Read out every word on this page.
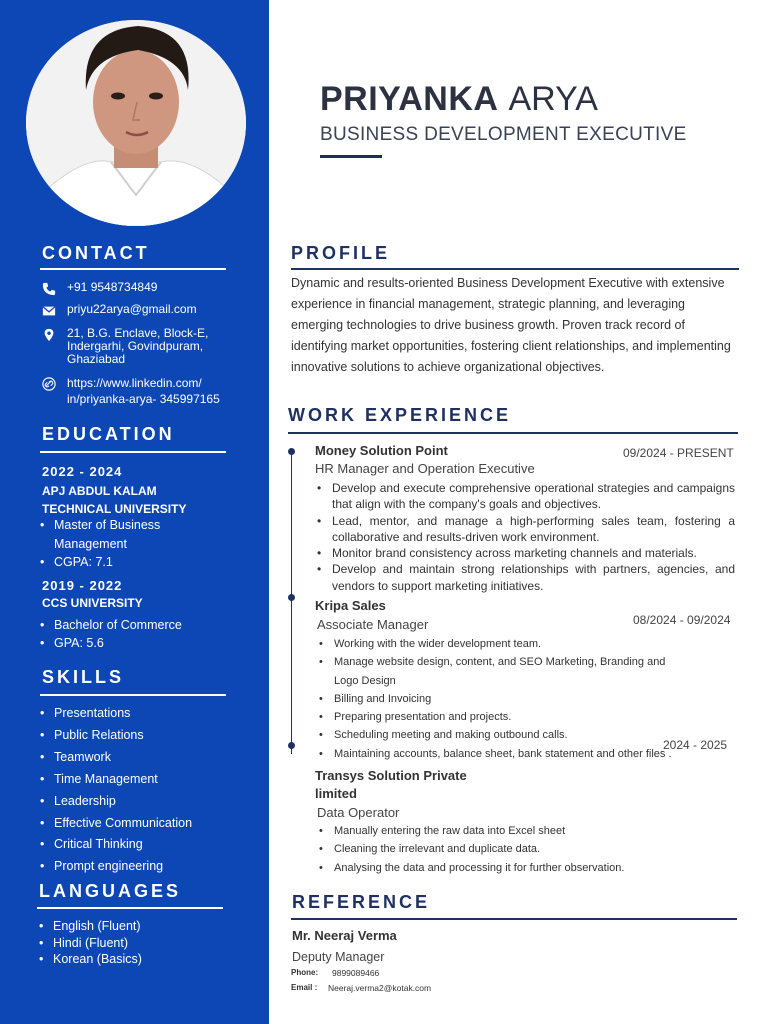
CONTACT
+91 9548734849
priyu22arya@gmail.com
21, B.G. Enclave, Block-E, Indergarhi, Govindpuram, Ghaziabad
https://www.linkedin.com/ in/priyanka-arya- 345997165
EDUCATION
2022 - 2024
APJ ABDUL KALAM TECHNICAL UNIVERSITY
• Master of Business Management
• CGPA: 7.1
2019 - 2022
CCS UNIVERSITY
• Bachelor of Commerce
• GPA: 5.6
SKILLS
• Presentations
• Public Relations
• Teamwork
• Time Management
• Leadership
• Effective Communication
• Critical Thinking
• Prompt engineering
LANGUAGES
• English (Fluent)
• Hindi (Fluent)
• Korean (Basics)
PRIYANKA ARYA
BUSINESS DEVELOPMENT EXECUTIVE
PROFILE
Dynamic and results-oriented Business Development Executive with extensive experience in financial management, strategic planning, and leveraging emerging technologies to drive business growth. Proven track record of identifying market opportunities, fostering client relationships, and implementing innovative solutions to achieve organizational objectives.
WORK EXPERIENCE
Money Solution Point	09/2024 - PRESENT
HR Manager and Operation Executive
• Develop and execute comprehensive operational strategies and campaigns that align with the company's goals and objectives.
• Lead, mentor, and manage a high-performing sales team, fostering a collaborative and results-driven work environment.
• Monitor brand consistency across marketing channels and materials.
• Develop and maintain strong relationships with partners, agencies, and vendors to support marketing initiatives.
Kripa Sales
08/2024 - 09/2024
Associate Manager
• Working with the wider development team.
• Manage website design, content, and SEO Marketing, Branding and Logo Design
• Billing and Invoicing
• Preparing presentation and projects.
• Scheduling meeting and making outbound calls.
• Maintaining accounts, balance sheet, bank statement and other files .
2024 - 2025
Transys Solution Private limited
Data Operator
• Manually entering the raw data into Excel sheet
• Cleaning the irrelevant and duplicate data.
• Analysing the data and processing it for further observation.
REFERENCE
Mr. Neeraj Verma
Deputy Manager
Phone: 9899089466
Email : Neeraj.verma2@kotak.com
